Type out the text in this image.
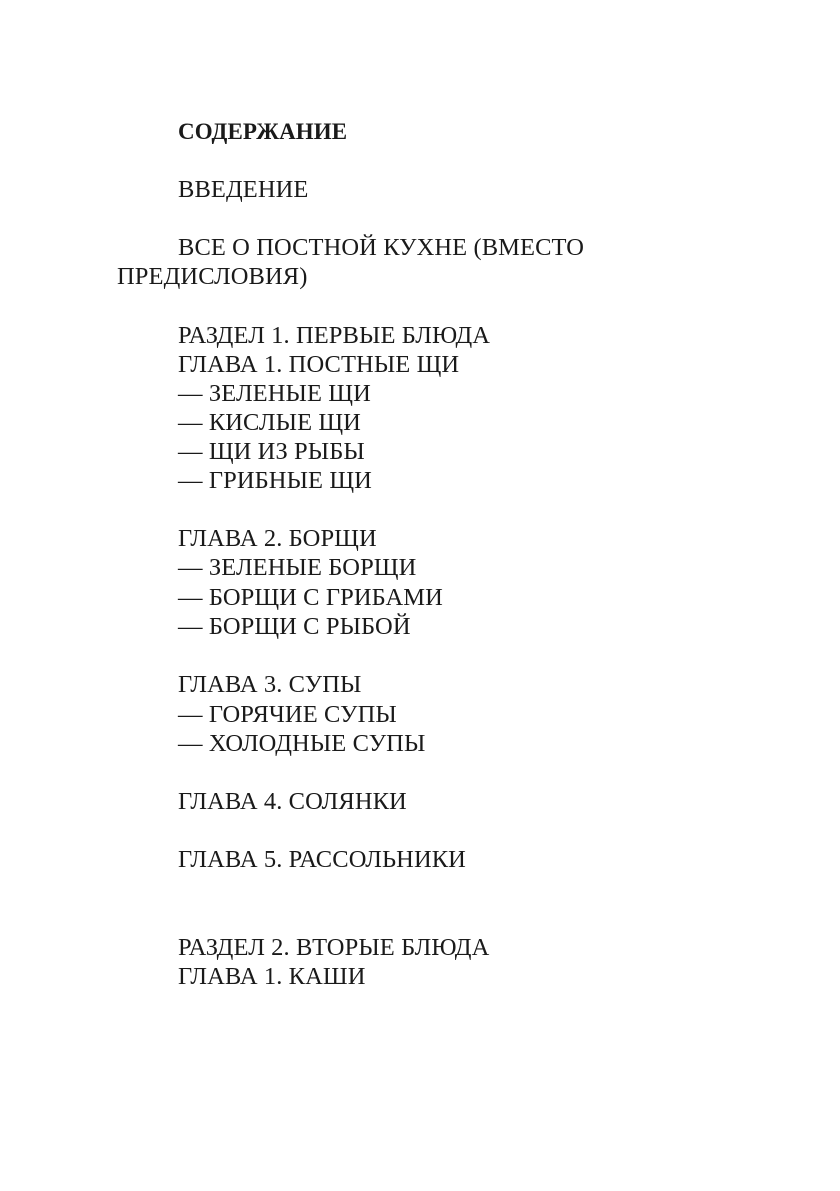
СОДЕРЖАНИЕ
ВВЕДЕНИЕ
ВСЕ О ПОСТНОЙ КУХНЕ (ВМЕСТО
ПРЕДИСЛОВИЯ)
РАЗДЕЛ 1. ПЕРВЫЕ БЛЮДА
ГЛАВА 1. ПОСТНЫЕ ЩИ
— ЗЕЛЕНЫЕ ЩИ
— КИСЛЫЕ ЩИ
— ЩИ ИЗ РЫБЫ
— ГРИБНЫЕ ЩИ
ГЛАВА 2. БОРЩИ
— ЗЕЛЕНЫЕ БОРЩИ
— БОРЩИ С ГРИБАМИ
— БОРЩИ С РЫБОЙ
ГЛАВА 3. СУПЫ
— ГОРЯЧИЕ СУПЫ
— ХОЛОДНЫЕ СУПЫ
ГЛАВА 4. СОЛЯНКИ
ГЛАВА 5. РАССОЛЬНИКИ
РАЗДЕЛ 2. ВТОРЫЕ БЛЮДА
ГЛАВА 1. КАШИ
